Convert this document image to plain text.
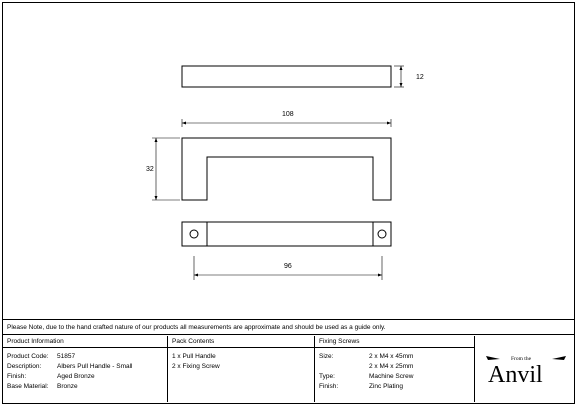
12
108
32
96
Please Note, due to the hand crafted nature of our products all measurements are approximate and should be used as a guide only.
Product Information
Product Code: 51857
Description: Albers Pull Handle - Small
Finish:	Aged Bronze
Base Material: Bronze
Pack Contents
1 x Pull Handle
2 x Fixing Screw
Fixing Screws
Size:	2 x M4 x 45mm
2 x M4 x 25mm
Type:	Machine Screw
Finish:	Zinc Plating
From the
Anvil
